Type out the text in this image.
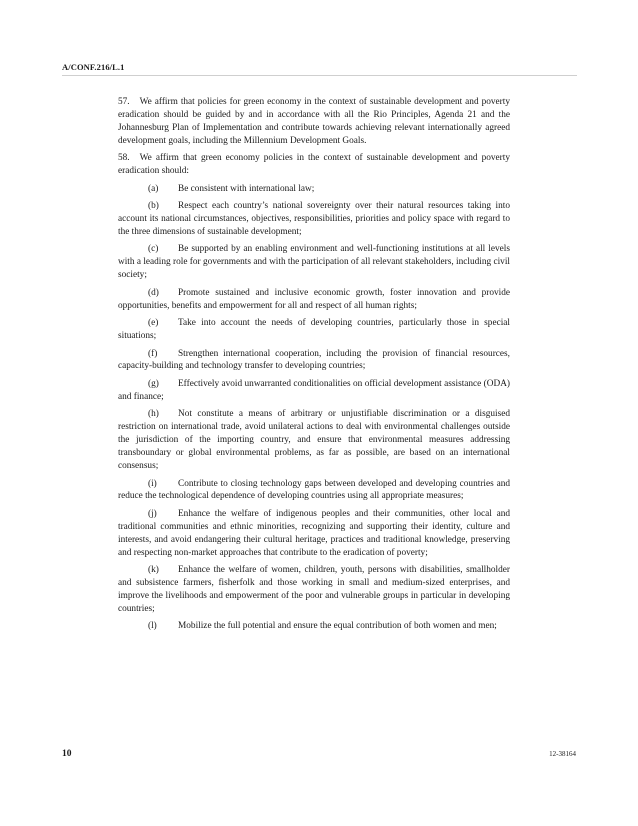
A/CONF.216/L.1

57. We affirm that policies for green economy in the context of sustainable development and poverty eradication should be guided by and in accordance with all the Rio Principles, Agenda 21 and the Johannesburg Plan of Implementation and contribute towards achieving relevant internationally agreed development goals, including the Millennium Development Goals.

58. We affirm that green economy policies in the context of sustainable development and poverty eradication should:

(a) Be consistent with international law;

(b) Respect each country’s national sovereignty over their natural resources taking into account its national circumstances, objectives, responsibilities, priorities and policy space with regard to the three dimensions of sustainable development;

(c) Be supported by an enabling environment and well-functioning institutions at all levels with a leading role for governments and with the participation of all relevant stakeholders, including civil society;

(d) Promote sustained and inclusive economic growth, foster innovation and provide opportunities, benefits and empowerment for all and respect of all human rights;

(e) Take into account the needs of developing countries, particularly those in special situations;

(f) Strengthen international cooperation, including the provision of financial resources, capacity-building and technology transfer to developing countries;

(g) Effectively avoid unwarranted conditionalities on official development assistance (ODA) and finance;

(h) Not constitute a means of arbitrary or unjustifiable discrimination or a disguised restriction on international trade, avoid unilateral actions to deal with environmental challenges outside the jurisdiction of the importing country, and ensure that environmental measures addressing transboundary or global environmental problems, as far as possible, are based on an international consensus;

(i) Contribute to closing technology gaps between developed and developing countries and reduce the technological dependence of developing countries using all appropriate measures;

(j) Enhance the welfare of indigenous peoples and their communities, other local and traditional communities and ethnic minorities, recognizing and supporting their identity, culture and interests, and avoid endangering their cultural heritage, practices and traditional knowledge, preserving and respecting non-market approaches that contribute to the eradication of poverty;

(k) Enhance the welfare of women, children, youth, persons with disabilities, smallholder and subsistence farmers, fisherfolk and those working in small and medium-sized enterprises, and improve the livelihoods and empowerment of the poor and vulnerable groups in particular in developing countries;

(l) Mobilize the full potential and ensure the equal contribution of both women and men;

10	12-38164
